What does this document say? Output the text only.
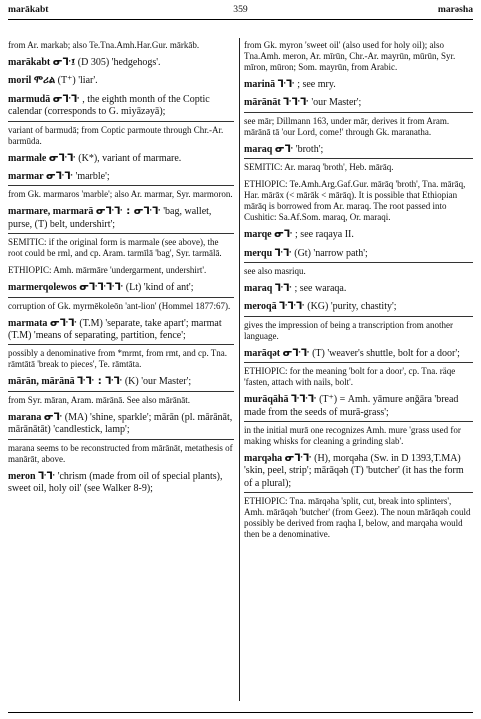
marākabt	359	marəsha

from Ar. markab; also Te.Tna.Amh.Har.Gur. mārkāb.

marākabt ᓂᒭ፤ (D 305) 'hedgehogs'.

moril ሞሪል (T⁺) 'liar'.

marmudā ᓂᒭᒭ , the eighth month of the Coptic calendar (corresponds to G. miyāzəyā);

variant of barmudā; from Coptic parmoute through Chr.-Ar. barmūda.

marmale ᓂᒭᒭ (K*), variant of marmare.

marmar ᓂᒭᒭ 'marble';

from Gk. marmaros 'marble'; also Ar. marmar, Syr. marmoron.

marmare, marmarā ᓂᒭᒭ : ᓂᒭᒭ 'bag, wallet, purse, (T) belt, undershirt';

SEMITIC: if the original form is marmale (see above), the root could be rml, and cp. Aram. tarmīlā 'bag', Syr. tarmālā.

ETHIOPIC: Amh. mārmāre 'undergarment, undershirt'.

marmerqolewos ᓂᒭᒭᒭᒭ (Lt) 'kind of ant';

corruption of Gk. myrmēkoleōn 'ant-lion' (Hommel 1877:67).

marmata ᓂᒭᒭ (T.M) 'separate, take apart'; marmat (T.M) 'means of separating, partition, fence';

possibly a denominative from *mrmt, from rmt, and cp. Tna. rāmtātā 'break to pieces', Te. rāmtāta.

mārān, mārānā ᒭᒭ : ᒭᒭ (K) 'our Master';

from Syr. māran, Aram. mārānā. See also mārānāt.

marana ᓂᒭ (MA) 'shine, sparkle'; mārān (pl. mārānāt, mārānātāt) 'candlestick, lamp';

marana seems to be reconstructed from mārānāt, metathesis of manārāt, above.

meron ᒭᒭ 'chrism (made from oil of special plants), sweet oil, holy oil' (see Walker 8-9);

from Gk. myron 'sweet oil' (also used for holy oil); also Tna.Amh. meron, Ar. mīrūn, Chr.-Ar. mayrūn, mūrūn, Syr. mīron, mūron; Som. mayrūn, from Arabic.

marinā ᒭᒭ ; see mry.

mārānāt ᒭᒭᒭ 'our Master';

see mār; Dillmann 163, under mār, derives it from Aram. mārānā tā 'our Lord, come!' through Gk. maranatha.

maraq ᓂᒭ 'broth';

SEMITIC: Ar. maraq 'broth', Heb. mārāq.

ETHIOPIC: Te.Amh.Arg.Gaf.Gur. mārāq 'broth', Tna. mārāq, Har. mārāx (< mārāk < mārāq). It is possible that Ethiopian mārāq is borrowed from Ar. maraq. The root passed into Cushitic: Sa.Af.Som. maraq, Or. maraqi.

marqe ᓂᒭ ; see raqaya II.

merqu ᒭᒭ (Gt) 'narrow path';

see also masriqu.

maraq ᒭᒭ ; see waraqa.

meroqā ᒭᒭᒭ (KG) 'purity, chastity';

gives the impression of being a transcription from another language.

marāqət ᓂᒭᒭ (T) 'weaver's shuttle, bolt for a door';

ETHIOPIC: for the meaning 'bolt for a door', cp. Tna. räqe 'fasten, attach with nails, bolt'.

murāqāhā ᒭᒭᒭ (T⁺) = Amh. yāmure ənǧāra 'bread made from the seeds of murā-grass';

in the initial murā one recognizes Amh. mure 'grass used for making whisks for cleaning a grinding slab'.

marqəha ᓂᒭᒭ (H), morqəha (Sw. in D 1393,T.MA) 'skin, peel, strip'; mārāqəh (T) 'butcher' (it has the form of a plural);

ETHIOPIC: Tna. mārqəha 'split, cut, break into splinters', Amh. mārāqəh 'butcher' (from Geez). The noun mārāqəh could possibly be derived from raqha I, below, and marqəha would then be a denominative.
